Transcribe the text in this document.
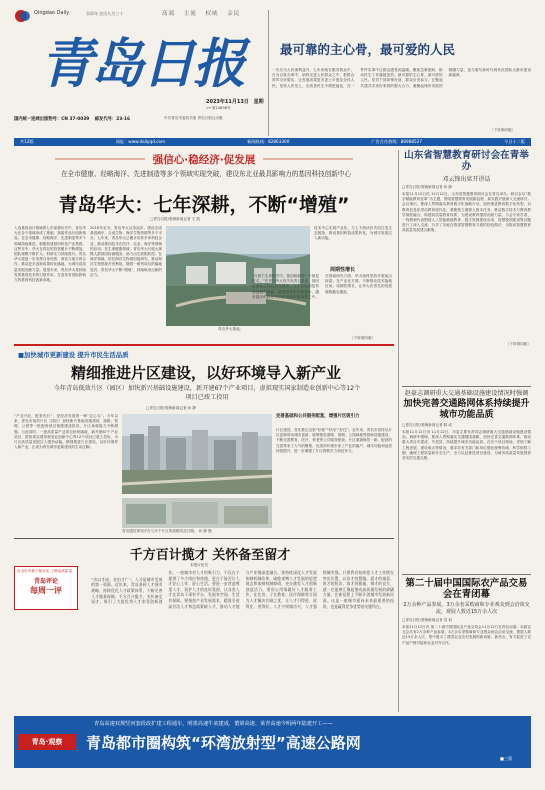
Qingdao Daily	癸卯年 农历九月三十	高端 主流 权威 亲民
青岛日报
2023年11月13日 星期一 第14898号
国内统一连续出版物号：CN 37-0039 邮发代号：23-16	中共青岛市委机关报 青岛日报社出版
共12版	网址：www.dailyqd.com	新闻热线：82863300	广告合作热线：86988527	今日十二版
最可靠的主心骨，最可爱的人民
一次次为人民谋利益开，七年来就在服务群众中，在为百姓办事中，始终走进人民群众之中，把群众呼声办好做实，让发展成果更多更公平惠及全体人民。坚持人民至上，在改善民生中增进福祉，在一件件实事中让群众感受到温暖。聚焦急难愁盼，推动民生工作落地见效。最可靠的主心骨，最可爱的人民。党员干部冲锋在前，群众自发参与，汇聚起共建共享美好家园的强大合力，凝聚起城市发展的磅礴力量，奋力谱写新时代现代化国际大都市建设新篇章。
（下转第四版）
强信心·稳经济·促发展
在全市健康、经略海洋、先进制造等多个领域实现突破，建设东北亚最具影响力的基因科技创新中心
青岛华大：七年深耕，不断“增殖”
□青岛日报/观海新闻记者 王 凯
入选基因设计领域的七年深耕历史中，青岛华大在各个领域形成了基础，探索作品开创新格局。在全市健康、经略海洋、先进制造等多个领域持续推进，积极构建基因科技产业集群。这些年中，华大在青岛的投资累计不断增加，团队规模不断扩大，科研实力持续提升。青岛华大将进一步发挥自身优势，深化与地方的合作，推动更多创新成果转化落地，为城市高质量发展贡献力量。展望未来，青岛华大将持续发挥基因技术的引领作用，打造具有国际影响力的基因科技创新高地。
2016年至今，青岛华大从零起步，建设完成基因测序、合成生物、海洋生物资源等多个平台。七年来，青岛华大已累计培育多家科技企业，推动基因技术在医疗、农业、海洋等领域的应用。在生命健康领域，青岛华大开展大规模人群基因检测服务，助力出生缺陷防控；在海洋领域，依托海洋生物基因组研究，推动海洋生物资源开发利用。随着一系列项目的落地见效，青岛华大不断“增殖”，持续焕发出新的活力。
青岛华大基地。
技术中心实现产业化，与上下游伙伴共同打造生态链条，推动基因科技成果转化，为城市发展注入新动能。
周期性增长
“在微个生命科学中，基因和新型一个就是技术。”在青岛华大有关负责人看来，基因检测和生物医药发展中，人才和资源是持续创新的基础。随着技术的不断进步，越来越多的新技术被应用到实际场景之中。在基础研究方面，华大始终坚持开展前沿探索；在产业化方面，不断推动技术落地应用。周期性增长，让华大在青岛的发展道路越走越宽。
（下转第四版）
■加快城市更新建设 提升市民生活品质
精细推进片区建设，以好环境导入新产业
今年青岛低效片区（园区）加快新兴基础设施建设，新开建67个产业项目，虚拟现实国家制造业创新中心等12个项目已竣工投用
□青岛日报/观海新闻记者 孙 静
“产业兴旺，配套先行”，是经济发展的一种“定心丸”。今年以来，青岛市低效片区（园区）加快新兴基础设施建设，道路、管网、公园等一批配套项目相继建成投用，片区承载能力不断增强。与此同时，一批高质量产业项目纷纷落地，新开建67个产业项目，虚拟现实国家制造业创新中心等12个项目已竣工投用，为片区高质量发展注入强劲动能。精细推进片区建设，以好环境导入新产业，正成为青岛城市更新建设的生动注脚。
完善基础和公共服务配套，增强片区吸引力
片区建设，首先要让这里“好看”“好用”“好住”。近年来，青岛市坚持以片区更新带动城市更新，统筹推进道路、管网、公园绿地等基础设施建设，不断完善教育、医疗、养老等公共服务配套，片区面貌焕然一新。配套的完善带来了人气的聚集，优美的环境引来了产业的落户，城市功能和品质持续提升，进一步增强了片区的吸引力和竞争力。
青岛通信规划平台与多个片区的道路改造日期。 孙 静 摄
千方百计揽才 关怀备至留才
本报评论员
在全市中新下基本实 了推动高质量
青岛评论
每周一评
“功以才成，业由才广”。人才是城市发展的第一资源。近年来，青岛坚持人才强市战略，持续优化人才政策体系，不断完善人才服务保障，千方百计揽才，关怀备至留才，吸引了大批优秀人才来青创新创业。一座城市对人才的吸引力，不仅在于提供了多少岗位和待遇，更在于能否让人才安心工作、舒心生活。要进一步营造尊重人才、爱护人才的良好氛围，让各类人才在青岛干事有平台、发展有空间、生活有保障。要聚焦产业发展需求，精准引进高层次人才和急需紧缺人才，推动人才链与产业链深度融合。要持续深化人才发展体制机制改革，破除束缚人才发展的思想观念和体制机制障碍，充分激发人才创新创造活力。要用心用情做好人才服务工作，在住房、子女教育、医疗保障等方面为人才解决后顾之忧，让人才引得进、留得住、用得好。人才兴则城市兴，人才强则城市强。只要我们始终把人才工作摆在突出位置，以识才的慧眼、爱才的诚意、用才的胆识、容才的雅量、聚才的良方，就一定能够汇聚起推动高质量发展的磅礴力量，在新征程上不断开创城市发展新局面。这是一座城市面向未来最重要的投资，也是赢得竞争优势的关键所在。
山东省智慧教育研讨会在青举办
邓云锋出席开讲话
□青岛日报/观海新闻记者 孙 静
本报11月12日讯 11月12日，山东省智慧教育研讨会在青岛举办。研讨会以“数字赋能教育变革”为主题，围绕智慧教育发展新趋势、新实践开展深入交流研讨。会议指出，要深入贯彻落实教育数字化战略行动，加快推进教育数字化转型，以教育信息化带动教育现代化。要聚焦立德树人根本任务，推动数字技术与教育教学深度融合，构建高质量教育体系，为建设教育强国贡献力量。与会专家学者、一线教师代表围绕人工智能赋能教育、数字资源建设应用、智慧校园建设等议题进行了深入交流，分享了各地在推进智慧教育方面的经验做法，为推动智慧教育高质量发展建言献策。
（下转第四版）
赵豪志调研重大交通基础设施建设情况时强调
加快完善交通路网体系持续提升城市功能品质
□青岛日报/观海新闻记者 薛 成
本报11月12日讯 11月12日，市委主要负责同志调研重大交通基础设施建设情况。调研中强调，要深入贯彻落实交通强国战略，加快完善交通路网体系，推动重大项目早建成、早见效，持续提升城市功能品质。在各个项目现场，详细了解工程进展、建设难点等情况，要求各有关部门和单位强化统筹协调，科学倒排工期，确保工程质量和安全生产，全力以赴推进项目建设，为城市高质量发展提供坚实的交通支撑。
第二十届中国国际农产品交易会在青闭幕
2万余种产品参展，3万余名采购商和专业观众到会洽谈交流，观展人数近15万余人次
□青岛日报/观海新闻记者 袁 侃
本报11月12日讯 第二十届中国国际农产品交易会11月12日在青岛闭幕。本届农交会共有2万余种产品参展，3万余名采购商和专业观众到会洽谈交流，观展人数近15万余人次，集中展示了我国农业农村发展的新成就、新亮点，有力促进了农产品产销对接和农业对外合作。
青岛高速双规竖河套段改扩建工程通车，明墨高速牛底建成，董梁高速、莱青高速今明两年陆建开工——
青岛·观察 青岛都市圈构筑“环湾放射型”高速公路网
■三版
